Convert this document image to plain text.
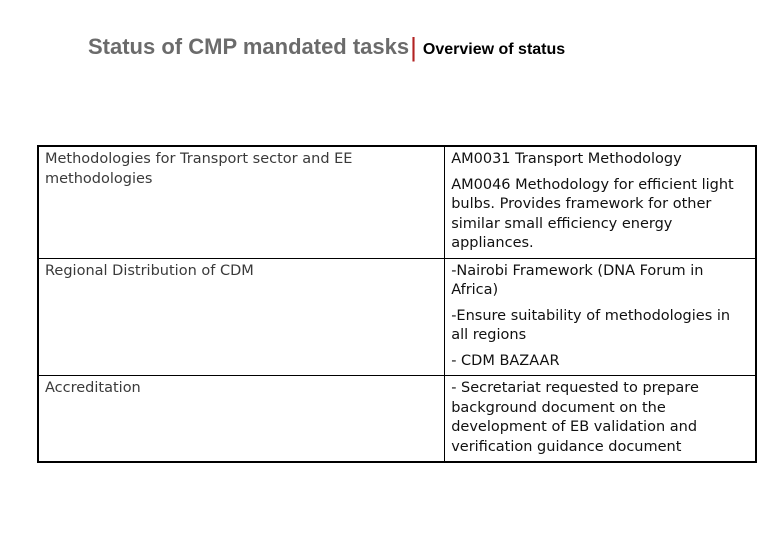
Status of CMP mandated tasks| Overview of status
Methodologies for Transport sector and EE methodologies	AM0031 Transport Methodology

AM0046 Methodology for efficient light bulbs. Provides framework for other similar small efficiency energy appliances.

Regional Distribution of CDM	-Nairobi Framework (DNA Forum in Africa)

-Ensure suitability of methodologies in all regions

- CDM BAZAAR

Accreditation	- Secretariat requested to prepare background document on the development of EB validation and verification guidance document
